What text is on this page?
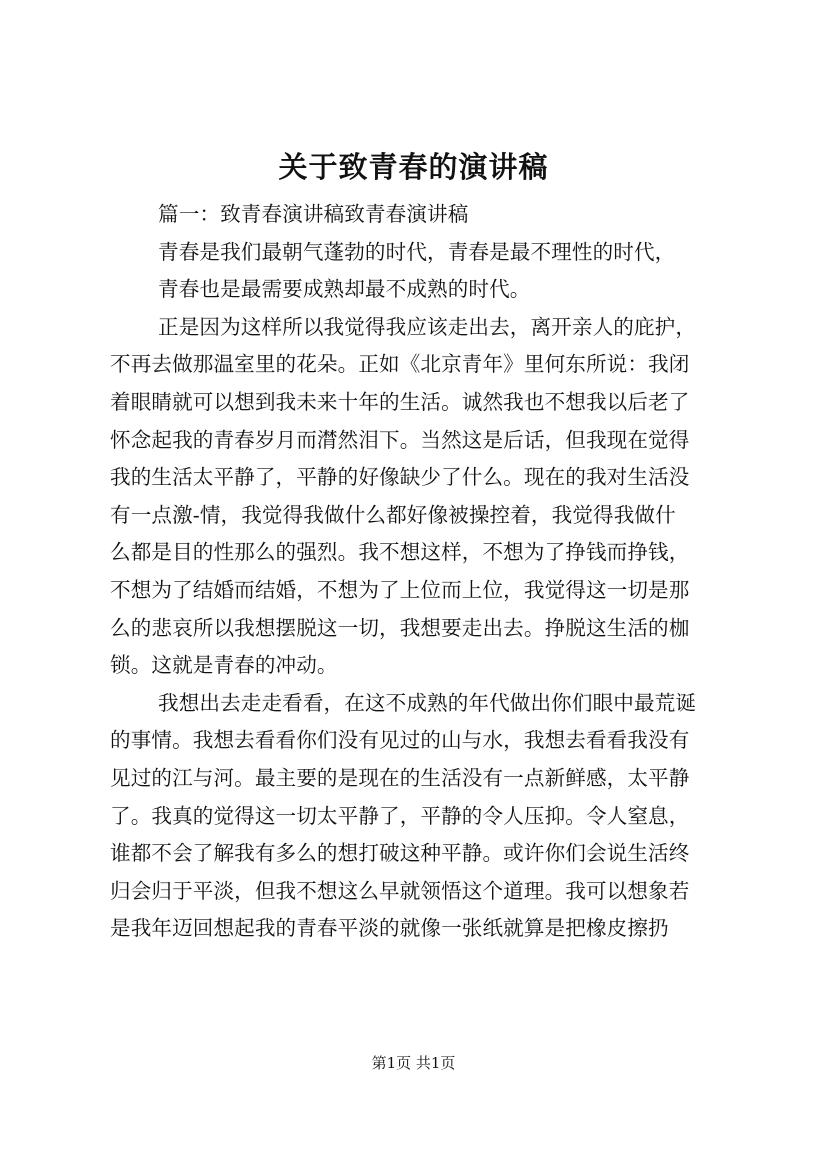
关于致青春的演讲稿
篇一：致青春演讲稿致青春演讲稿
青春是我们最朝气蓬勃的时代，青春是最不理性的时代，
青春也是最需要成熟却最不成熟的时代。
正是因为这样所以我觉得我应该走出去，离开亲人的庇护，
不再去做那温室里的花朵。正如《北京青年》里何东所说：我闭
着眼睛就可以想到我未来十年的生活。诚然我也不想我以后老了
怀念起我的青春岁月而潸然泪下。当然这是后话，但我现在觉得
我的生活太平静了，平静的好像缺少了什么。现在的我对生活没
有一点激-情，我觉得我做什么都好像被操控着，我觉得我做什
么都是目的性那么的强烈。我不想这样，不想为了挣钱而挣钱，
不想为了结婚而结婚，不想为了上位而上位，我觉得这一切是那
么的悲哀所以我想摆脱这一切，我想要走出去。挣脱这生活的枷
锁。这就是青春的冲动。
我想出去走走看看，在这不成熟的年代做出你们眼中最荒诞
的事情。我想去看看你们没有见过的山与水，我想去看看我没有
见过的江与河。最主要的是现在的生活没有一点新鲜感，太平静
了。我真的觉得这一切太平静了，平静的令人压抑。令人窒息，
谁都不会了解我有多么的想打破这种平静。或许你们会说生活终
归会归于平淡，但我不想这么早就领悟这个道理。我可以想象若
是我年迈回想起我的青春平淡的就像一张纸就算是把橡皮擦扔
第1页 共1页
